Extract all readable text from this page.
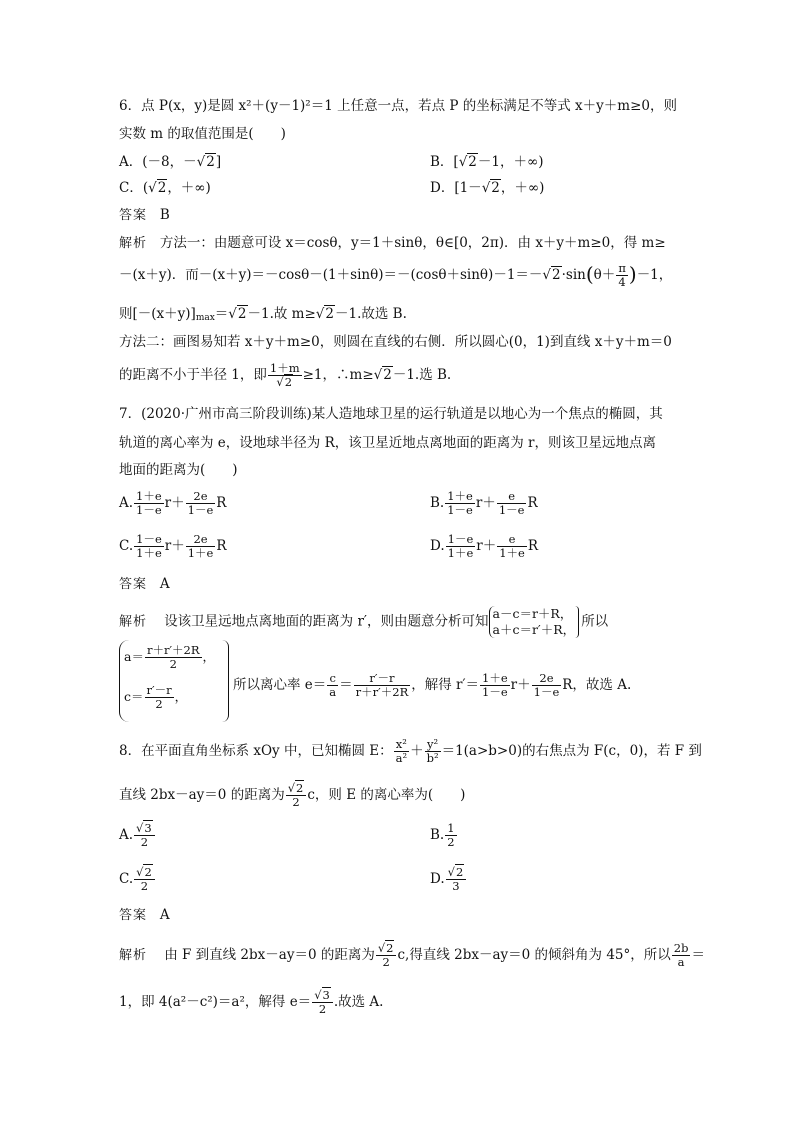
6．点 P(x，y)是圆 x²＋(y－1)²＝1 上任意一点，若点 P 的坐标满足不等式 x＋y＋m≥0，则
实数 m 的取值范围是(　　)
A．(－8，－√2]	B．[√2－1，＋∞)
C．(√2，＋∞)	D．[1－√2，＋∞)
答案 B
解析 方法一：由题意可设 x＝cosθ，y＝1＋sinθ，θ∈[0，2π)．由 x＋y＋m≥0，得 m≥
－(x＋y)．而$-(x+y)=-\cos\theta-(1+\sin\theta)=-(\cos\theta+\sin\theta)-1=-√2\cdot\sin(\theta+ \frac{\pi}{4} )-1$，
则$[-(x+y)]_{max}=√2-1$.故 m≥√2－1.故选 B.
方法二：画图易知若 x＋y＋m≥0，则圆在直线的右侧．所以圆心(0，1)到直线 x＋y＋m＝0
的距离不小于半径 1，即 $\frac{1+m}{√2} \ge 1$，∴m≥√2－1.选 B.
7．(2020·广州市高三阶段训练)某人造地球卫星的运行轨道是以地心为一个焦点的椭圆，其
轨道的离心率为 e，设地球半径为 R，该卫星近地点离地面的距离为 r，则该卫星远地点离
地面的距离为(　　)
A. $\frac{1+e}{1-e} r+ \frac{2e}{1-e}$ R	B. $\frac{1+e}{1-e} r+ \frac{e}{1-e}$ R
C. $\frac{1-e}{1+e} r+ \frac{2e}{1+e}$ R	D. $\frac{1-e}{1+e} r+ \frac{e}{1+e}$ R
答案 A
解析 设该卫星远地点离地面的距离为 r′，则由题意分析可知 a－c＝r＋R，
a＋c＝r′＋R， 所以
$a= \frac{r+r'+2R}{2}$ ，
$c= \frac{r'-r}{2}$ ，
所以离心率 $e= \frac{c}{a} = \frac{r'-r}{r+r'+2R}$ ，解得 $r'= \frac{1+e}{1-e} r+ \frac{2e}{1-e}$ R，故选 A.
8．在平面直角坐标系 xOy 中，已知椭圆 E： $\frac{\text{x²}}{\text{a²}} + \frac{\text{y²}}{\text{b²}} =1(a>b>0)$的右焦点为 F(c，0)，若 F 到
直线 2bx－ay＝0 的距离为 $\frac{√2}{2}$ c，则 E 的离心率为(　　)
A. $\frac{√3}{2}$	B. $\frac{1}{2}$
C. $\frac{√2}{2}$	D. $\frac{√2}{3}$
答案 A
解析 由 F 到直线 2bx－ay＝0 的距离为 $\frac{√2}{2} c$,得直线 2bx－ay＝0 的倾斜角为 45°，所以 $\frac{2b}{a}$ ＝
1，即 4(a²－c²)＝a²，解得 $e= \frac{√3}{2}$ .故选 A.
